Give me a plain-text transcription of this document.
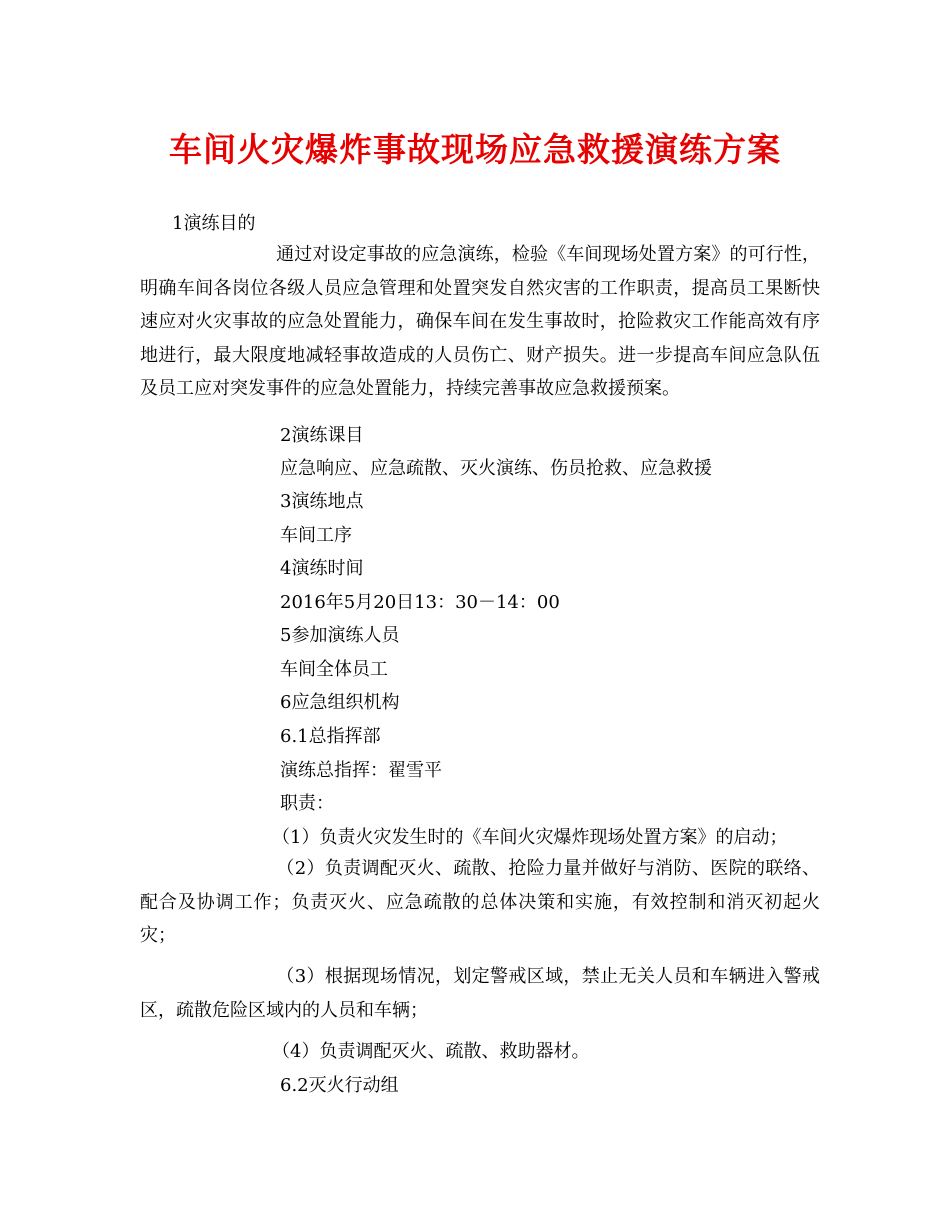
车间火灾爆炸事故现场应急救援演练方案
1演练目的
通过对设定事故的应急演练，检验《车间现场处置方案》的可行性，明确车间各岗位各级人员应急管理和处置突发自然灾害的工作职责，提高员工果断快速应对火灾事故的应急处置能力，确保车间在发生事故时，抢险救灾工作能高效有序地进行，最大限度地减轻事故造成的人员伤亡、财产损失。进一步提高车间应急队伍及员工应对突发事件的应急处置能力，持续完善事故应急救援预案。
2演练课目
应急响应、应急疏散、灭火演练、伤员抢救、应急救援
3演练地点
车间工序
4演练时间
2016年5月20日13：30－14：00
5参加演练人员
车间全体员工
6应急组织机构
6.1总指挥部
演练总指挥：翟雪平
职责：
（1）负责火灾发生时的《车间火灾爆炸现场处置方案》的启动；
（2）负责调配灭火、疏散、抢险力量并做好与消防、医院的联络、配合及协调工作；负责灭火、应急疏散的总体决策和实施，有效控制和消灭初起火灾；
（3）根据现场情况，划定警戒区域，禁止无关人员和车辆进入警戒区，疏散危险区域内的人员和车辆；
（4）负责调配灭火、疏散、救助器材。
6.2灭火行动组
